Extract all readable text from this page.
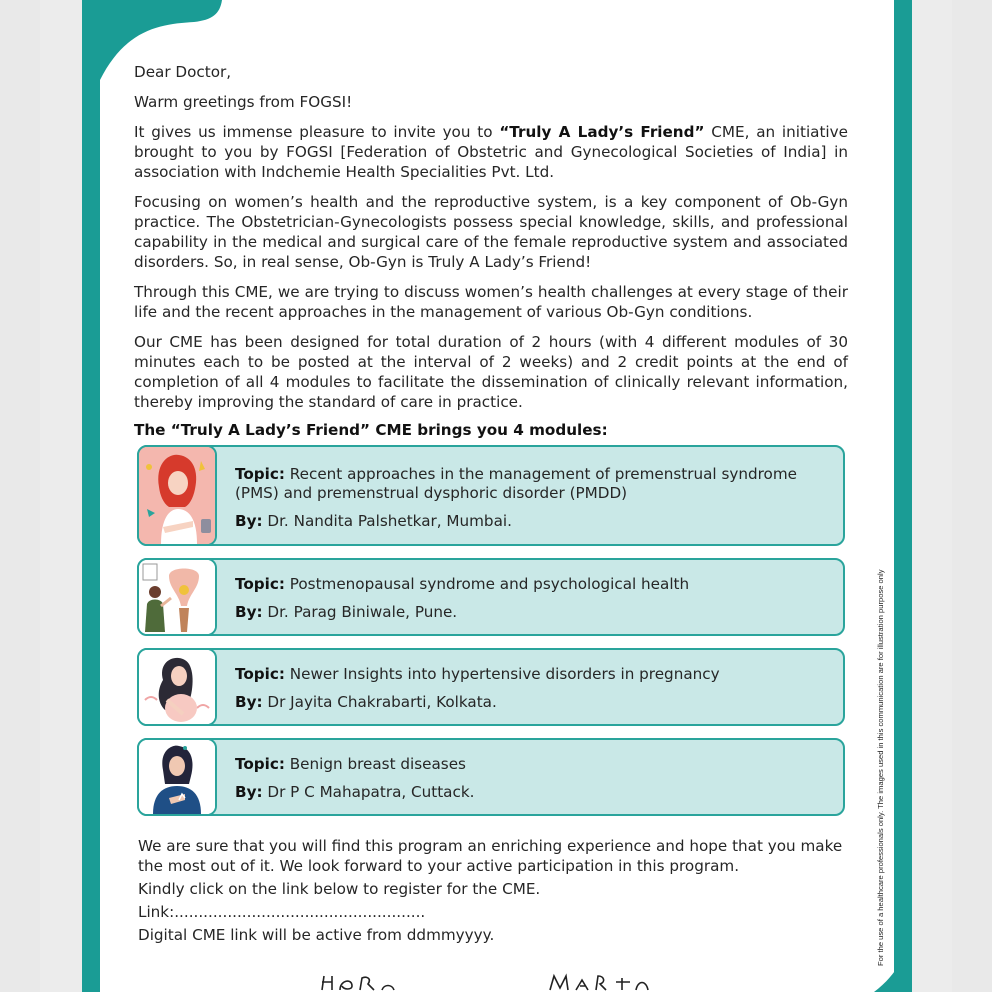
Dear Doctor,

Warm greetings from FOGSI!

It gives us immense pleasure to invite you to “Truly A Lady’s Friend” CME, an initiative brought to you by FOGSI [Federation of Obstetric and Gynecological Societies of India] in association with Indchemie Health Specialities Pvt. Ltd.

Focusing on women’s health and the reproductive system, is a key component of Ob-Gyn practice. The Obstetrician-Gynecologists possess special knowledge, skills, and professional capability in the medical and surgical care of the female reproductive system and associated disorders. So, in real sense, Ob-Gyn is Truly A Lady’s Friend!

Through this CME, we are trying to discuss women’s health challenges at every stage of their life and the recent approaches in the management of various Ob-Gyn conditions.

Our CME has been designed for total duration of 2 hours (with 4 different modules of 30 minutes each to be posted at the interval of 2 weeks) and 2 credit points at the end of completion of all 4 modules to facilitate the dissemination of clinically relevant information, thereby improving the standard of care in practice.

The “Truly A Lady’s Friend” CME brings you 4 modules:

Topic: Recent approaches in the management of premenstrual syndrome (PMS) and premenstrual dysphoric disorder (PMDD)
By: Dr. Nandita Palshetkar, Mumbai.
Topic: Postmenopausal syndrome and psychological health
By: Dr. Parag Biniwale, Pune.
Topic: Newer Insights into hypertensive disorders in pregnancy
By: Dr Jayita Chakrabarti, Kolkata.
Topic: Benign breast diseases
By: Dr P C Mahapatra, Cuttack.
We are sure that you will find this program an enriching experience and hope that you make the most out of it. We look forward to your active participation in this program.
Kindly click on the link below to register for the CME.
Link:....................................................
Digital CME link will be active from ddmmyyyy.	For the use of a healthcare professionals only. The images used in this communication are for illustration purpose only
